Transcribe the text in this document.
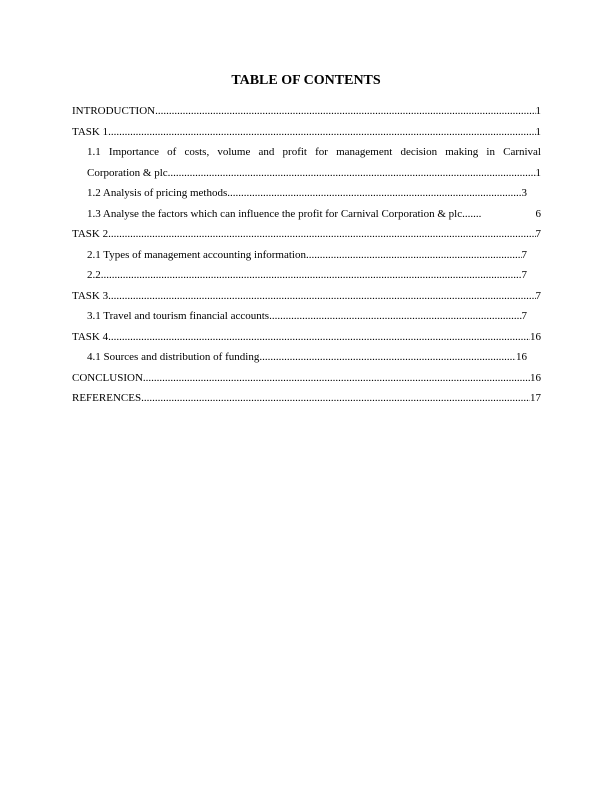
TABLE OF CONTENTS
INTRODUCTION .....	1
TASK 1 .....	1
1.1 Importance of costs, volume and profit for management decision making in Carnival
Corporation & plc .....	1
1.2 Analysis of pricing methods .....	3
1.3 Analyse the factors which can influence the profit for Carnival Corporation & plc .......	6
TASK 2 .....	7
2.1 Types of management accounting information .....	7
2.2 .....	7
TASK 3 .....	7
3.1 Travel and tourism financial accounts .....	7
TASK 4 .....	16
4.1 Sources and distribution of funding .....	16
CONCLUSION .....	16
REFERENCES .....	17
